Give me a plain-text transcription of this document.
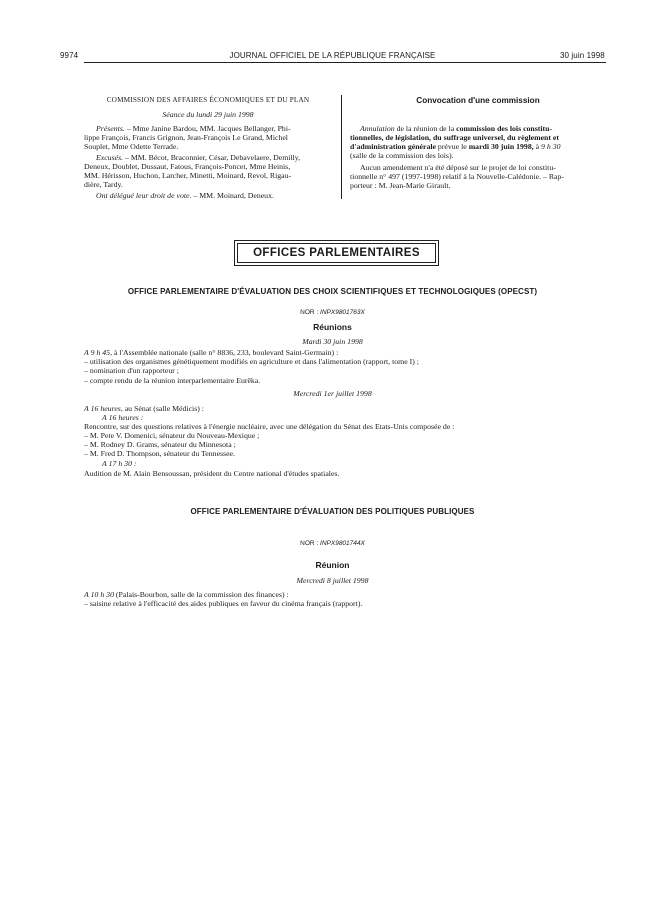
9974	JOURNAL OFFICIEL DE LA RÉPUBLIQUE FRANÇAISE	30 juin 1998
COMMISSION DES AFFAIRES ÉCONOMIQUES ET DU PLAN
Séance du lundi 29 juin 1998
Présents. – Mme Janine Bardou, MM. Jacques Bellanger, Phi-
lippe François, Francis Grignon, Jean-François Le Grand, Michel
Souplet, Mme Odette Terrade.
Excusés. – MM. Bécot, Braconnier, César, Debavelaere, Demilly,
Deneux, Doublet, Dussaut, Fatous, François-Poncet, Mme Heinis,
MM. Hérisson, Huchon, Larcher, Minetti, Moinard, Revol, Rigau-
dière, Tardy.
Ont délégué leur droit de vote. – MM. Moinard, Deneux.
Convocation d'une commission
Annulation de la réunion de la commission des lois constitu-
tionnelles, de législation, du suffrage universel, du règlement et
d'administration générale prévue le mardi 30 juin 1998, à 9 h 30
(salle de la commission des lois).
Aucun amendement n'a été déposé sur le projet de loi constitu-
tionnelle n° 497 (1997-1998) relatif à la Nouvelle-Calédonie. – Rap-
porteur : M. Jean-Marie Girault.
OFFICES PARLEMENTAIRES
OFFICE PARLEMENTAIRE D'ÉVALUATION DES CHOIX SCIENTIFIQUES ET TECHNOLOGIQUES (OPECST)
NOR : INPX9801763X
Réunions
Mardi 30 juin 1998
A 9 h 45, à l'Assemblée nationale (salle n° 8836, 233, boulevard Saint-Germain) :
– utilisation des organismes génétiquement modifiés en agriculture et dans l'alimentation (rapport, tome I) ;
– nomination d'un rapporteur ;
– compte rendu de la réunion interparlementaire Eurêka.
Mercredi 1er juillet 1998
A 16 heures, au Sénat (salle Médicis) :
A 16 heures :
Rencontre, sur des questions relatives à l'énergie nucléaire, avec une délégation du Sénat des Etats-Unis composée de :
– M. Pete V. Domenici, sénateur du Nouveau-Mexique ;
– M. Rodney D. Grams, sénateur du Minnesota ;
– M. Fred D. Thompson, sénateur du Tennessee.
A 17 h 30 :
Audition de M. Alain Bensoussan, président du Centre national d'études spatiales.
OFFICE PARLEMENTAIRE D'ÉVALUATION DES POLITIQUES PUBLIQUES
NOR : INPX9801744X
Réunion
Mercredi 8 juillet 1998
A 10 h 30 (Palais-Bourbon, salle de la commission des finances) :
– saisine relative à l'efficacité des aides publiques en faveur du cinéma français (rapport).
